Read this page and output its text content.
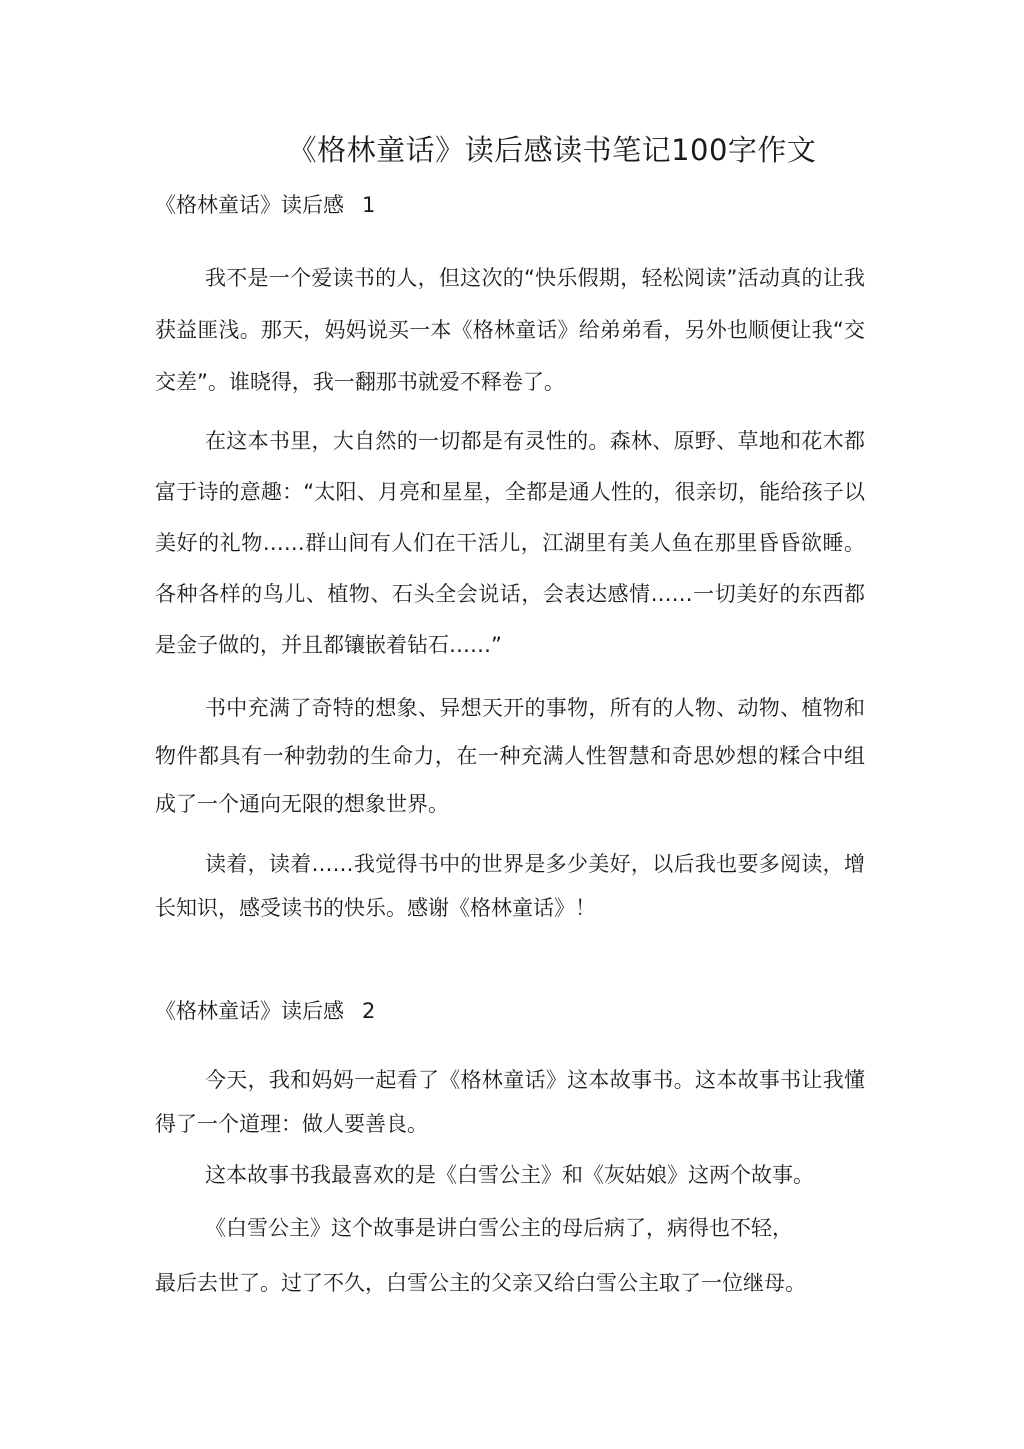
《格林童话》读后感读书笔记100字作文
《格林童话》读后感 1

我不是一个爱读书的人，但这次的“快乐假期，轻松阅读”活动真的让我获益匪浅。那天，妈妈说买一本《格林童话》给弟弟看，另外也顺便让我“交交差”。谁晓得，我一翻那书就爱不释卷了。

在这本书里，大自然的一切都是有灵性的。森林、原野、草地和花木都富于诗的意趣：“太阳、月亮和星星，全都是通人性的，很亲切，能给孩子以美好的礼物……群山间有人们在干活儿，江湖里有美人鱼在那里昏昏欲睡。各种各样的鸟儿、植物、石头全会说话，会表达感情……一切美好的东西都是金子做的，并且都镶嵌着钻石……”

书中充满了奇特的想象、异想天开的事物，所有的人物、动物、植物和物件都具有一种勃勃的生命力，在一种充满人性智慧和奇思妙想的糅合中组成了一个通向无限的想象世界。

读着，读着……我觉得书中的世界是多少美好，以后我也要多阅读，增长知识，感受读书的快乐。感谢《格林童话》！

《格林童话》读后感 2

今天，我和妈妈一起看了《格林童话》这本故事书。这本故事书让我懂得了一个道理：做人要善良。

这本故事书我最喜欢的是《白雪公主》和《灰姑娘》这两个故事。

《白雪公主》这个故事是讲白雪公主的母后病了，病得也不轻，

最后去世了。过了不久，白雪公主的父亲又给白雪公主取了一位继母。
